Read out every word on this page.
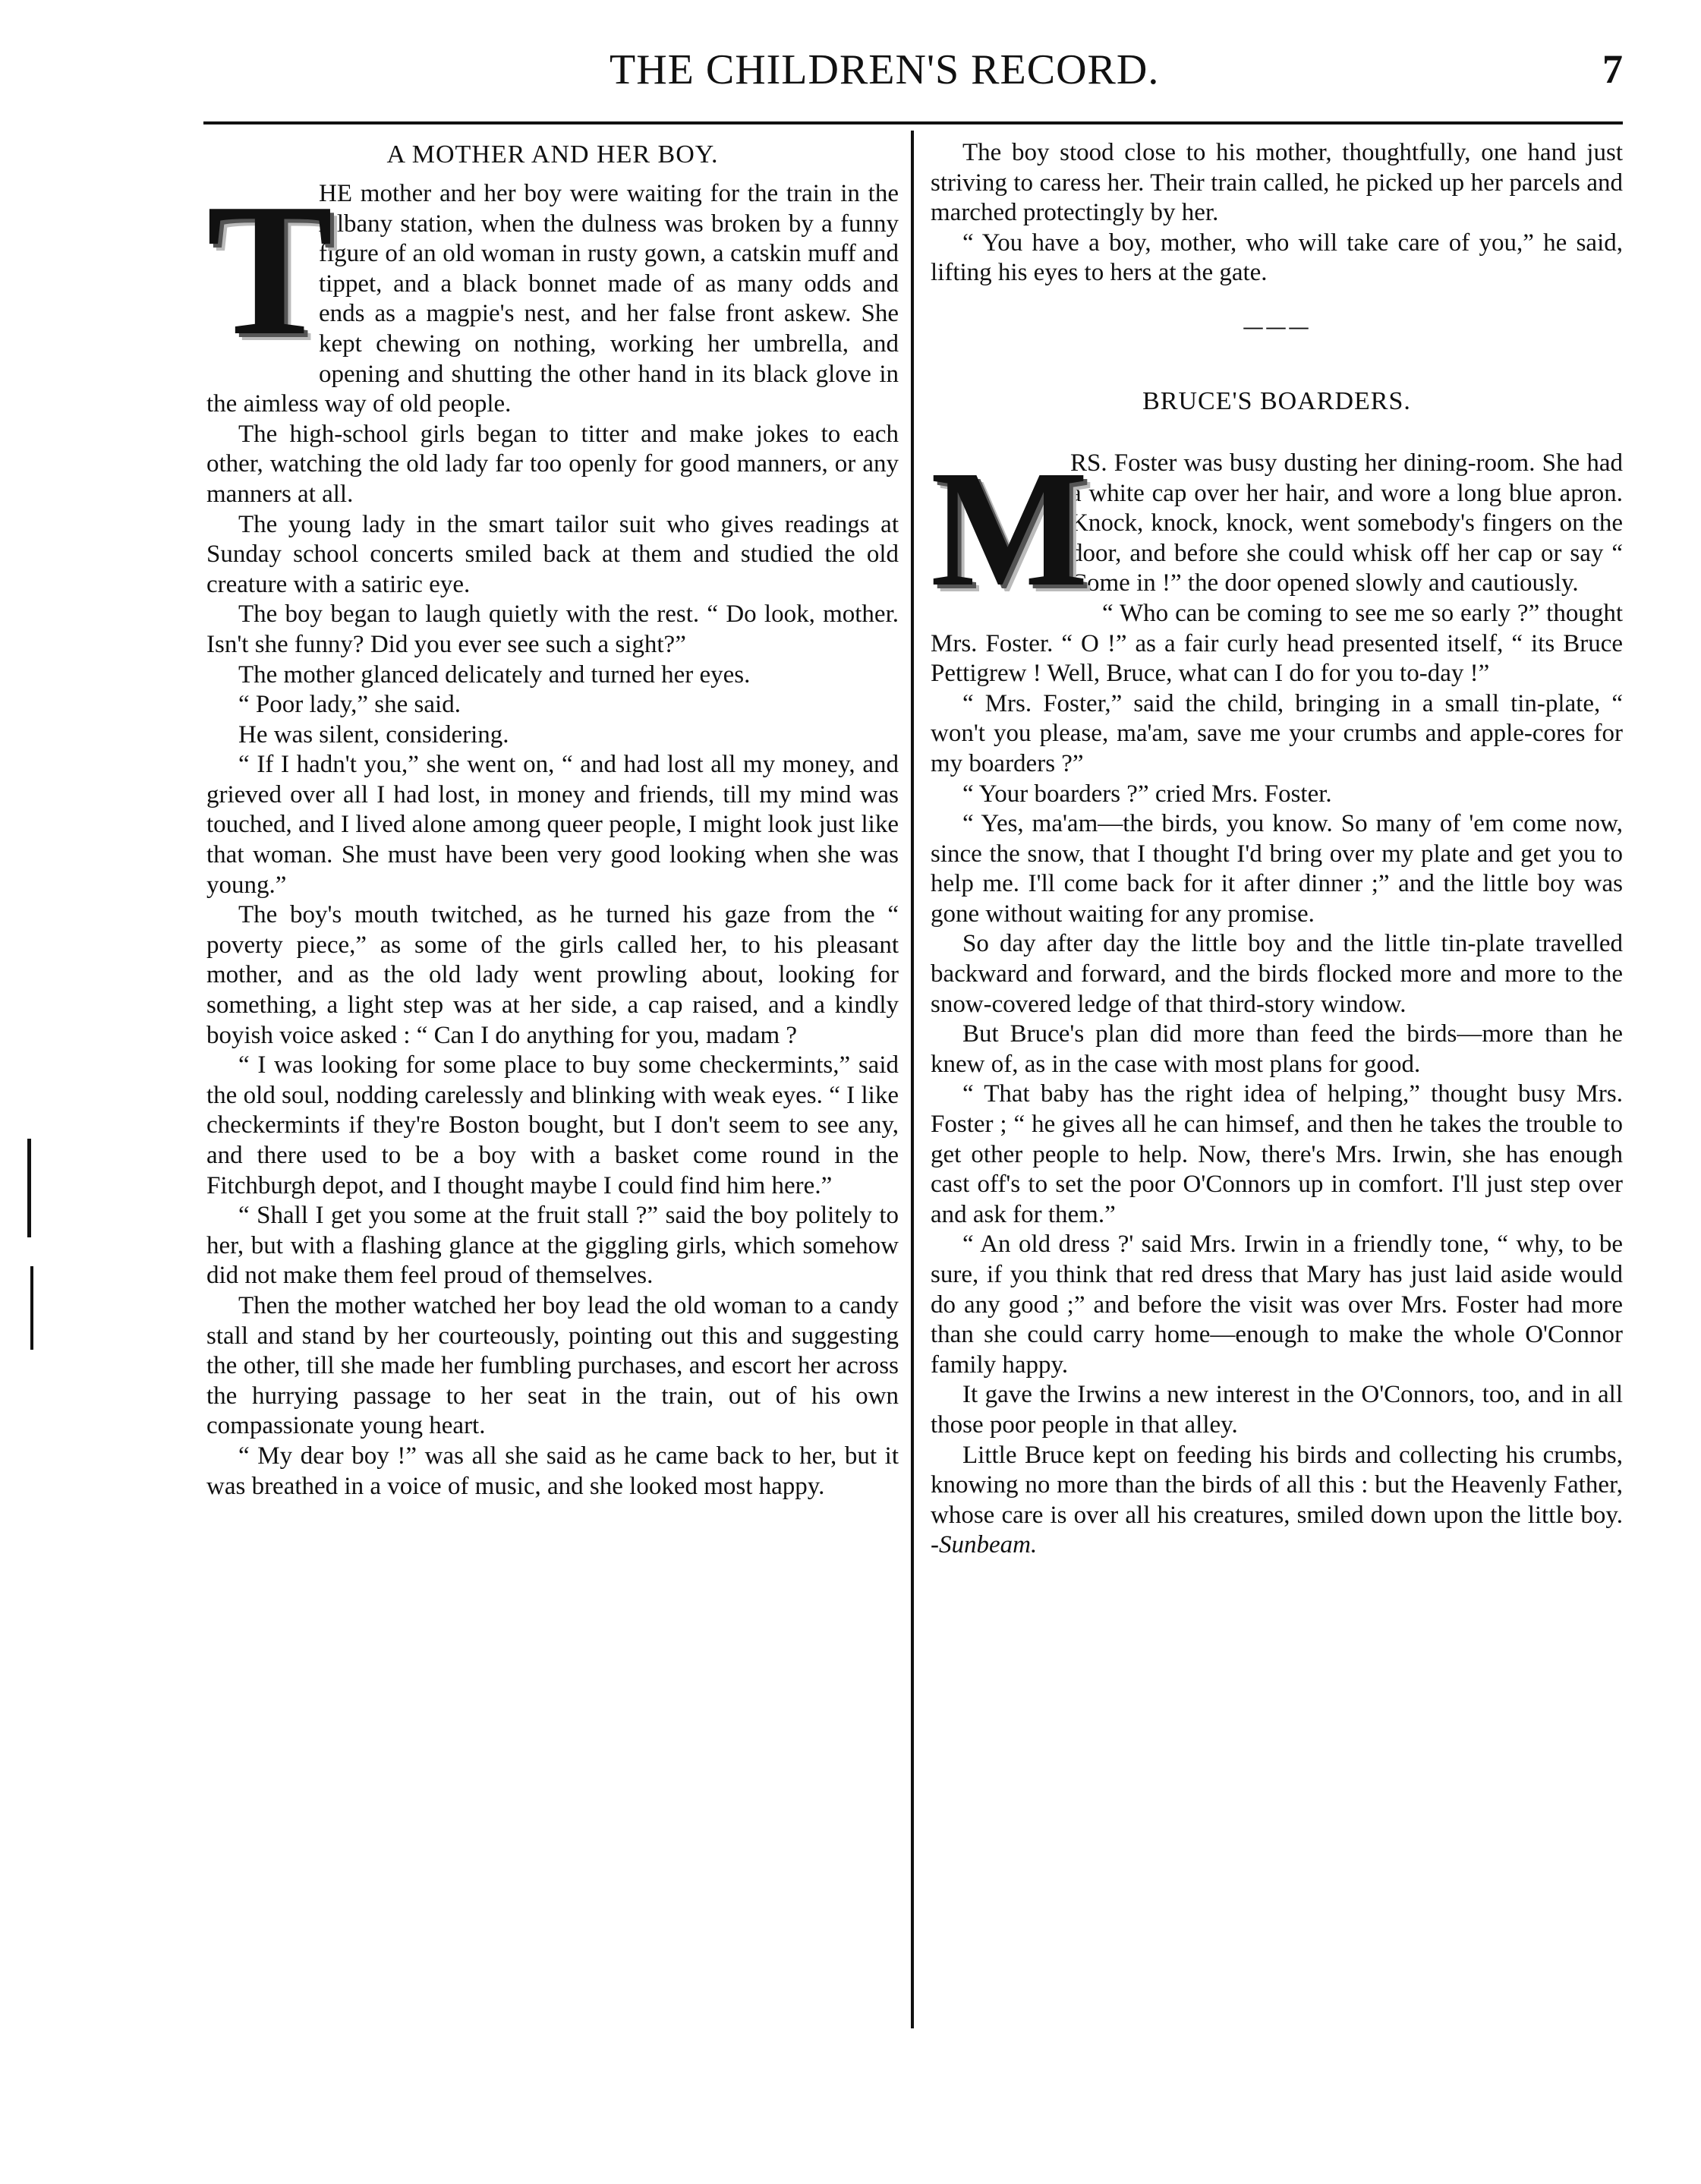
THE CHILDREN'S RECORD.	7
A MOTHER AND HER BOY.
T

HE mother and her boy were waiting for the train in the Albany station, when the dulness was broken by a funny figure of an old woman in rusty gown, a catskin muff and tippet, and a black bonnet made of as many odds and ends as a magpie's nest, and her false front askew. She kept chewing on nothing, working her umbrella, and opening and shutting the other hand in its black glove in the aimless way of old people.

The high-school girls began to titter and make jokes to each other, watching the old lady far too openly for good manners, or any manners at all.

The young lady in the smart tailor suit who gives readings at Sunday school concerts smiled back at them and studied the old creature with a satiric eye.

The boy began to laugh quietly with the rest. “ Do look, mother. Isn't she funny? Did you ever see such a sight?”

The mother glanced delicately and turned her eyes.

“ Poor lady,” she said.

He was silent, considering.

“ If I hadn't you,” she went on, “ and had lost all my money, and grieved over all I had lost, in money and friends, till my mind was touched, and I lived alone among queer people, I might look just like that woman. She must have been very good looking when she was young.”

The boy's mouth twitched, as he turned his gaze from the “ poverty piece,” as some of the girls called her, to his pleasant mother, and as the old lady went prowling about, looking for something, a light step was at her side, a cap raised, and a kindly boyish voice asked : “ Can I do anything for you, madam ?

“ I was looking for some place to buy some checkermints,” said the old soul, nodding carelessly and blinking with weak eyes. “ I like checkermints if they're Boston bought, but I don't seem to see any, and there used to be a boy with a basket come round in the Fitchburgh depot, and I thought maybe I could find him here.”

“ Shall I get you some at the fruit stall ?” said the boy politely to her, but with a flashing glance at the giggling girls, which somehow did not make them feel proud of themselves.

Then the mother watched her boy lead the old woman to a candy stall and stand by her courteously, pointing out this and suggesting the other, till she made her fumbling purchases, and escort her across the hurrying passage to her seat in the train, out of his own compassionate young heart.

“ My dear boy !” was all she said as he came back to her, but it was breathed in a voice of music, and she looked most happy.

The boy stood close to his mother, thoughtfully, one hand just striving to caress her. Their train called, he picked up her parcels and marched protectingly by her.

“ You have a boy, mother, who will take care of you,” he said, lifting his eyes to hers at the gate.

———
BRUCE'S BOARDERS.
M

RS. Foster was busy dusting her dining-room. She had a white cap over her hair, and wore a long blue apron. Knock, knock, knock, went somebody's fingers on the door, and before she could whisk off her cap or say “ Come in !” the door opened slowly and cautiously.

“ Who can be coming to see me so early ?” thought Mrs. Foster. “ O !” as a fair curly head presented itself, “ its Bruce Pettigrew ! Well, Bruce, what can I do for you to-day !”

“ Mrs. Foster,” said the child, bringing in a small tin-plate, “ won't you please, ma'am, save me your crumbs and apple-cores for my boarders ?”

“ Your boarders ?” cried Mrs. Foster.

“ Yes, ma'am—the birds, you know. So many of 'em come now, since the snow, that I thought I'd bring over my plate and get you to help me. I'll come back for it after dinner ;” and the little boy was gone without waiting for any promise.

So day after day the little boy and the little tin-plate travelled backward and forward, and the birds flocked more and more to the snow-covered ledge of that third-story window.

But Bruce's plan did more than feed the birds—more than he knew of, as in the case with most plans for good.

“ That baby has the right idea of helping,” thought busy Mrs. Foster ; “ he gives all he can himsef, and then he takes the trouble to get other people to help. Now, there's Mrs. Irwin, she has enough cast off's to set the poor O'Connors up in comfort. I'll just step over and ask for them.”

“ An old dress ?' said Mrs. Irwin in a friendly tone, “ why, to be sure, if you think that red dress that Mary has just laid aside would do any good ;” and before the visit was over Mrs. Foster had more than she could carry home—enough to make the whole O'Connor family happy.

It gave the Irwins a new interest in the O'Connors, too, and in all those poor people in that alley.

Little Bruce kept on feeding his birds and collecting his crumbs, knowing no more than the birds of all this : but the Heavenly Father, whose care is over all his creatures, smiled down upon the little boy. -Sunbeam.
